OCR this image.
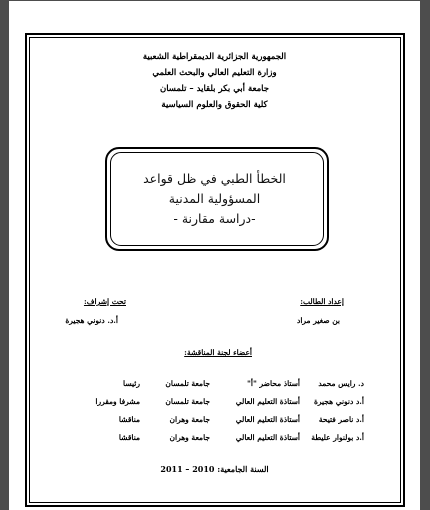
الجمهورية الجزائرية الديمقراطية الشعبية
وزارة التعليم العالي والبحث العلمي
جامعة أبي بكر بلقايد – تلمسان
كلية الحقوق والعلوم السياسية
الخطأ الطبي في ظل قواعد
المسؤولية المدنية
-دراسة مقارنة -
إعداد الطالب:
بن صغير مراد
تحت إشراف:
أ.د. دنوني هجيرة
أعضاء لجنة المناقشة:
د. رايس محمد
أستاذ محاضر "أ"
جامعة تلمسان
رئيسا
أ.د دنوني هجيرة
أستاذة التعليم العالي
جامعة تلمسان
مشرفا ومقررا
أ.د ناصر فتيحة
أستاذة التعليم العالي
جامعة وهران
مناقشا
أ.د بولنوار عليطة
أستاذة التعليم العالي
جامعة وهران
مناقشا
السنة الجامعية: 2010 – 2011
